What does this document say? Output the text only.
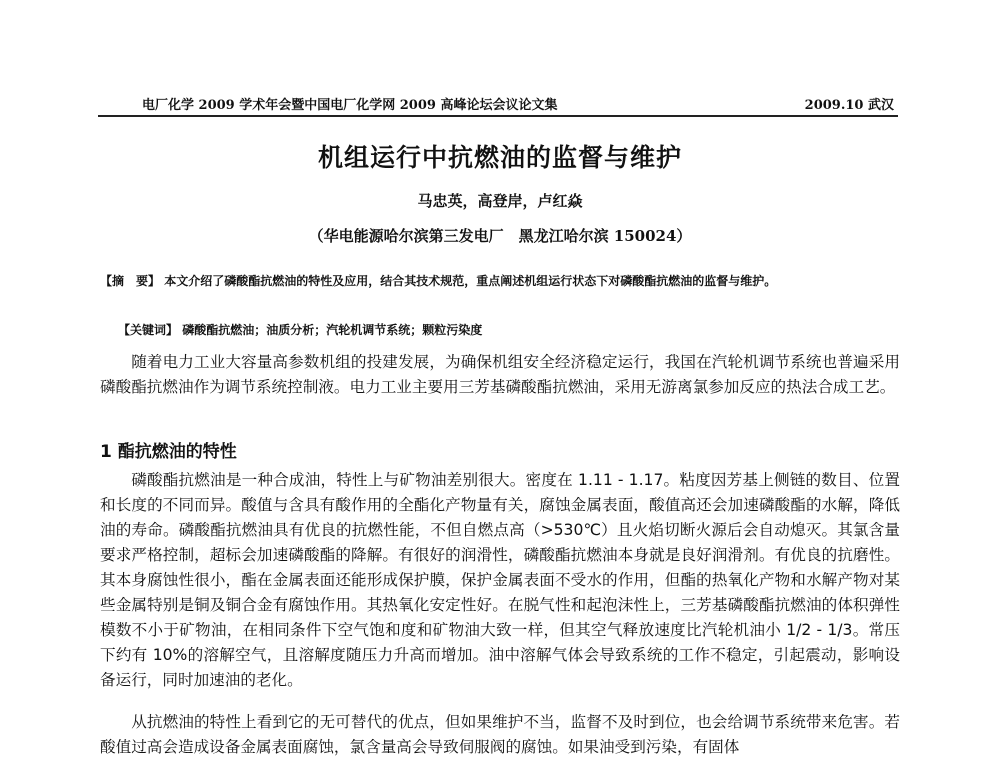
电厂化学 2009 学术年会暨中国电厂化学网 2009 高峰论坛会议论文集	2009.10 武汉
机组运行中抗燃油的监督与维护
马忠英，高登岸，卢红焱
（华电能源哈尔滨第三发电厂　黑龙江哈尔滨 150024）
【摘　要】 本文介绍了磷酸酯抗燃油的特性及应用，结合其技术规范，重点阐述机组运行状态下对磷酸酯抗燃油的监督与维护。
【关键词】 磷酸酯抗燃油；油质分析；汽轮机调节系统；颗粒污染度

随着电力工业大容量高参数机组的投建发展，为确保机组安全经济稳定运行，我国在汽轮机调节系统也普遍采用磷酸酯抗燃油作为调节系统控制液。电力工业主要用三芳基磷酸酯抗燃油，采用无游离氯参加反应的热法合成工艺。

1 酯抗燃油的特性

磷酸酯抗燃油是一种合成油，特性上与矿物油差别很大。密度在 1.11 - 1.17。粘度因芳基上侧链的数目、位置和长度的不同而异。酸值与含具有酸作用的全酯化产物量有关，腐蚀金属表面，酸值高还会加速磷酸酯的水解，降低油的寿命。磷酸酯抗燃油具有优良的抗燃性能，不但自燃点高（>530℃）且火焰切断火源后会自动熄灭。其氯含量要求严格控制，超标会加速磷酸酯的降解。有很好的润滑性，磷酸酯抗燃油本身就是良好润滑剂。有优良的抗磨性。其本身腐蚀性很小，酯在金属表面还能形成保护膜，保护金属表面不受水的作用，但酯的热氧化产物和水解产物对某些金属特别是铜及铜合金有腐蚀作用。其热氧化安定性好。在脱气性和起泡沫性上，三芳基磷酸酯抗燃油的体积弹性模数不小于矿物油，在相同条件下空气饱和度和矿物油大致一样，但其空气释放速度比汽轮机油小 1/2 - 1/3。常压下约有 10%的溶解空气，且溶解度随压力升高而增加。油中溶解气体会导致系统的工作不稳定，引起震动，影响设备运行，同时加速油的老化。

从抗燃油的特性上看到它的无可替代的优点，但如果维护不当，监督不及时到位，也会给调节系统带来危害。若酸值过高会造成设备金属表面腐蚀，氯含量高会导致伺服阀的腐蚀。如果油受到污染，有固体
